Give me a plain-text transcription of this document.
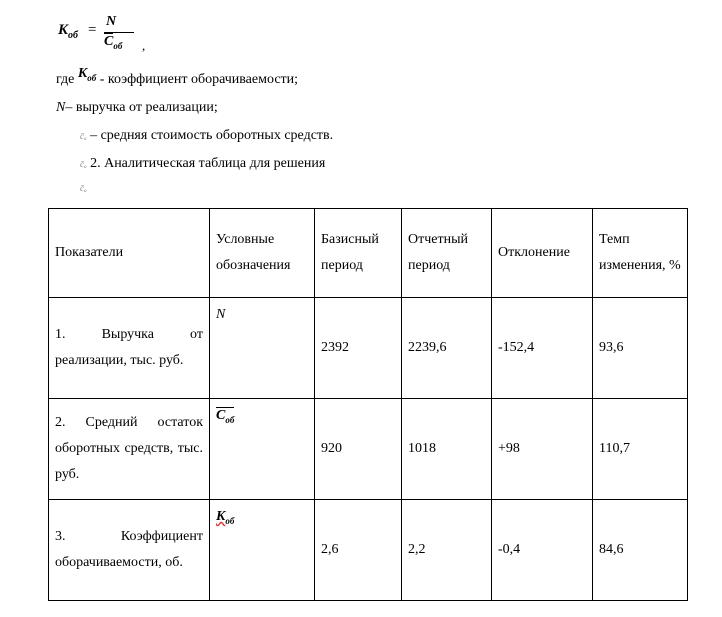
$K_{об}$ =
N
$C_{об}$ ,
где $K_{об}$ - коэффициент оборачиваемости;
N– выручка от реализации;
c̄ₒ – средняя стоимость оборотных средств.
c̄ₒ 2. Аналитическая таблица для решения
c̄ₒ
Показатели	Условные обозначения	Базисный период	Отчетный период	Отклонение	Темп изменения, %
1. Выручка от реализации, тыс. руб.	N	2392	2239,6	-152,4	93,6
2. Средний остаток оборотных средств, тыс. руб.	$C_{об}$	920	1018	+98	110,7
3. Коэффициент оборачиваемости, об.	$K_{об}$	2,6	2,2	-0,4	84,6
